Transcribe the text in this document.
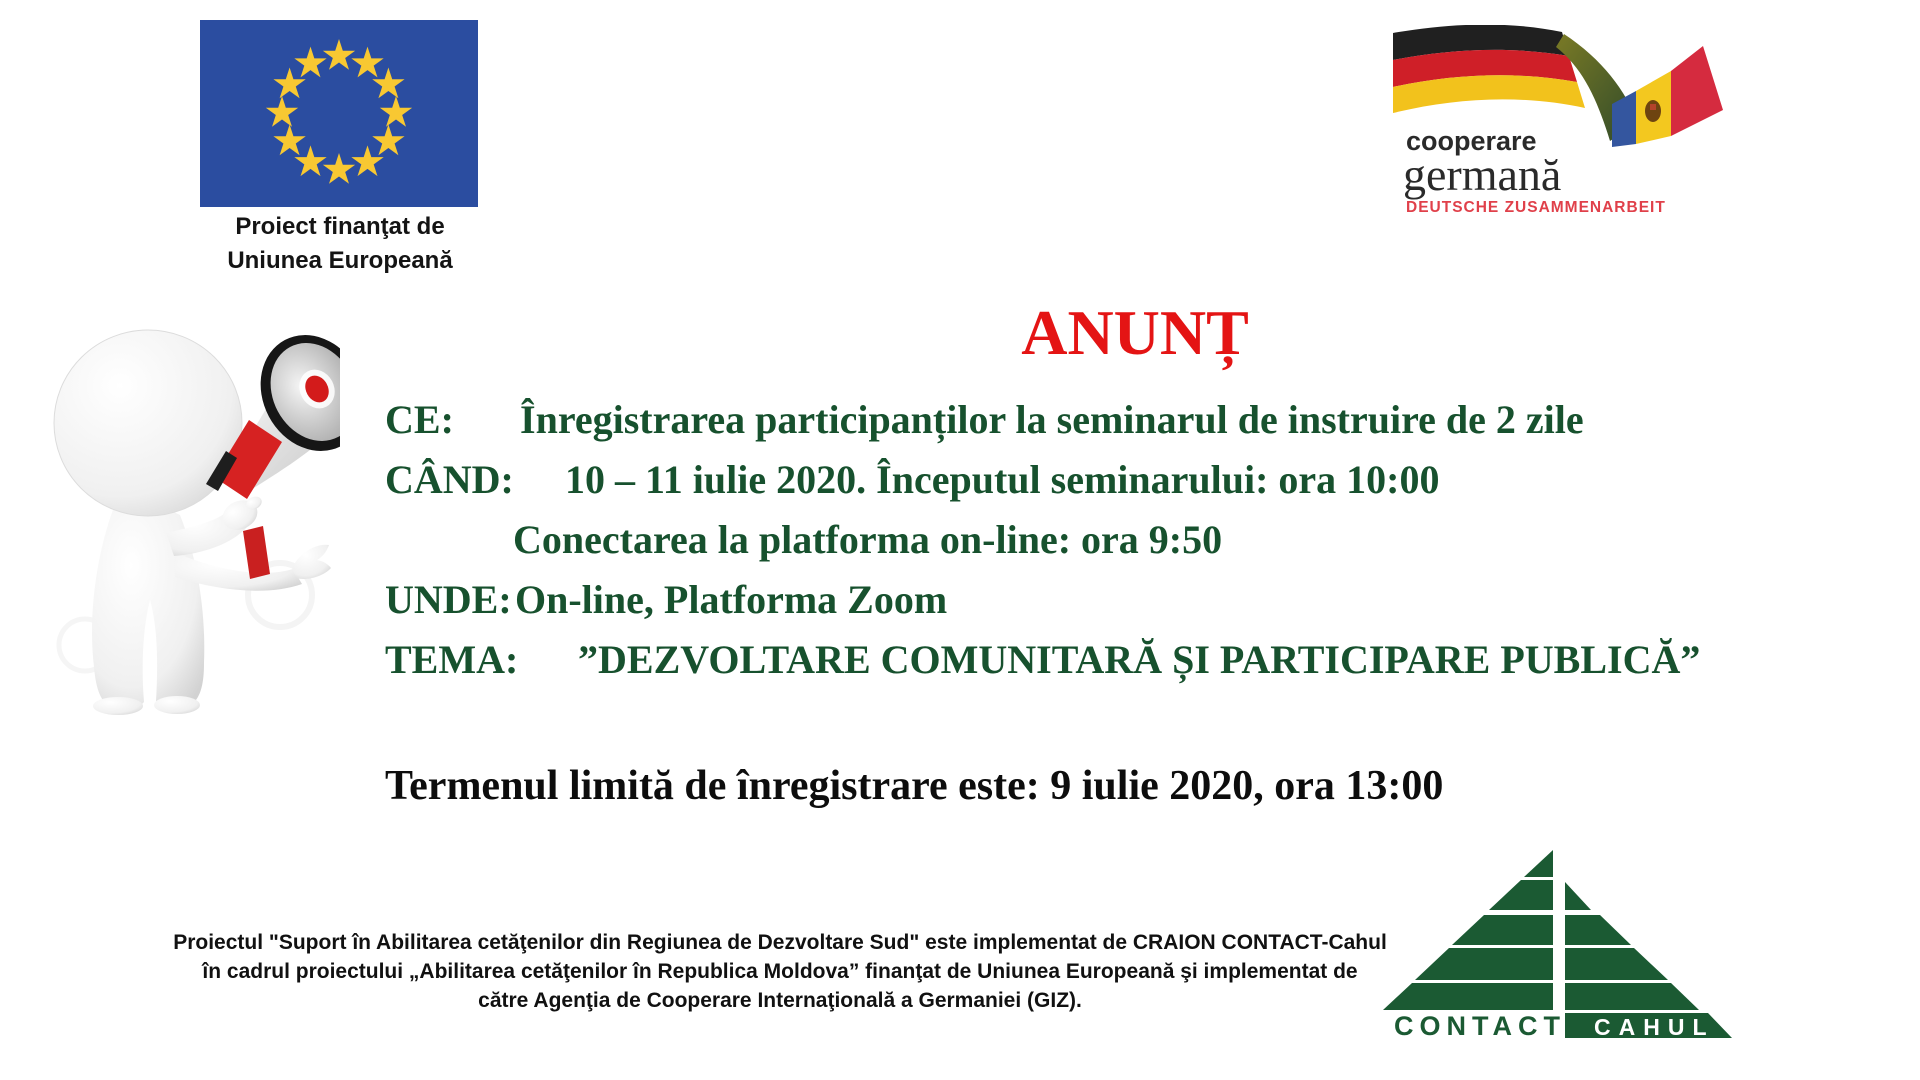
Proiect finanţat de
Uniunea Europeană
cooperare
germană
DEUTSCHE ZUSAMMENARBEIT
ANUNȚ
CE:	Înregistrarea participanților la seminarul de instruire de 2 zile
CÂND:	10 – 11 iulie 2020. Începutul seminarului: ora 10:00
Conectarea la platforma on-line: ora 9:50
UNDE: On-line, Platforma Zoom
TEMA:	”DEZVOLTARE COMUNITARĂ ȘI PARTICIPARE PUBLICĂ”
Termenul limită de înregistrare este: 9 iulie 2020, ora 13:00
Proiectul "Suport în Abilitarea cetăţenilor din Regiunea de Dezvoltare Sud" este implementat de CRAION CONTACT-Cahul
în cadrul proiectului „Abilitarea cetăţenilor în Republica Moldova” finanţat de Uniunea Europeană şi implementat de
către Agenţia de Cooperare Internaţională a Germaniei (GIZ).
CONTACT CAHUL
